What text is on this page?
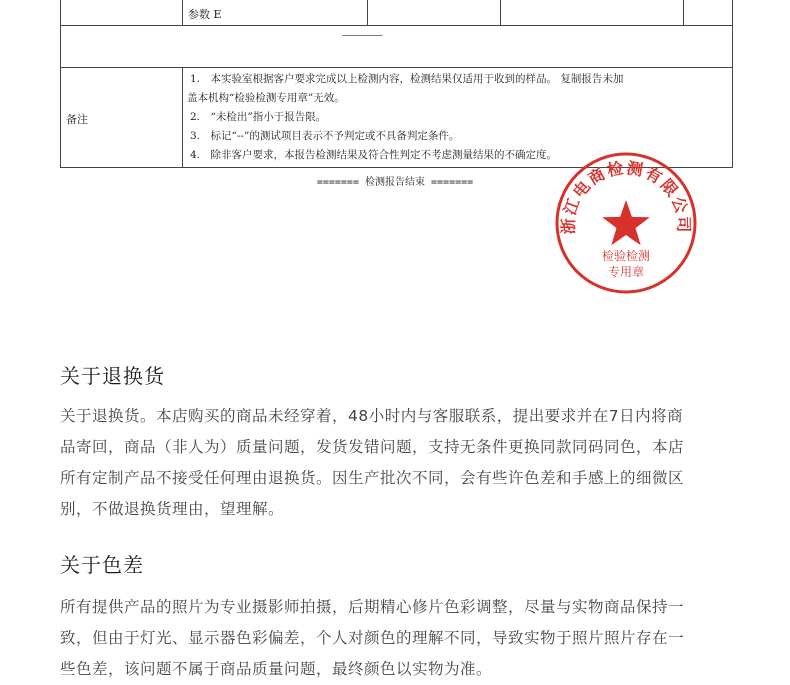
参数 E
—————
备注
1.　本实验室根据客户要求完成以上检测内容，检测结果仅适用于收到的样品。 复制报告未加
盖本机构“检验检测专用章”无效。
2.　“未检出”指小于报告限。
3.　标记“--”的测试项目表示不予判定或不具备判定条件。
4.　除非客户要求，本报告检测结果及符合性判定不考虑测量结果的不确定度。
======= 检测报告结束 =======
浙江电商检测有限公司
检验检测
专用章
关于退换货

关于退换货。本店购买的商品未经穿着，48小时内与客服联系，提出要求并在7日内将商

品寄回，商品（非人为）质量问题，发货发错问题，支持无条件更换同款同码同色，本店

所有定制产品不接受任何理由退换货。因生产批次不同，会有些许色差和手感上的细微区

别，不做退换货理由，望理解。

关于色差

所有提供产品的照片为专业摄影师拍摄，后期精心修片色彩调整，尽量与实物商品保持一

致，但由于灯光、显示器色彩偏差，个人对颜色的理解不同，导致实物于照片照片存在一

些色差，该问题不属于商品质量问题，最终颜色以实物为准。
